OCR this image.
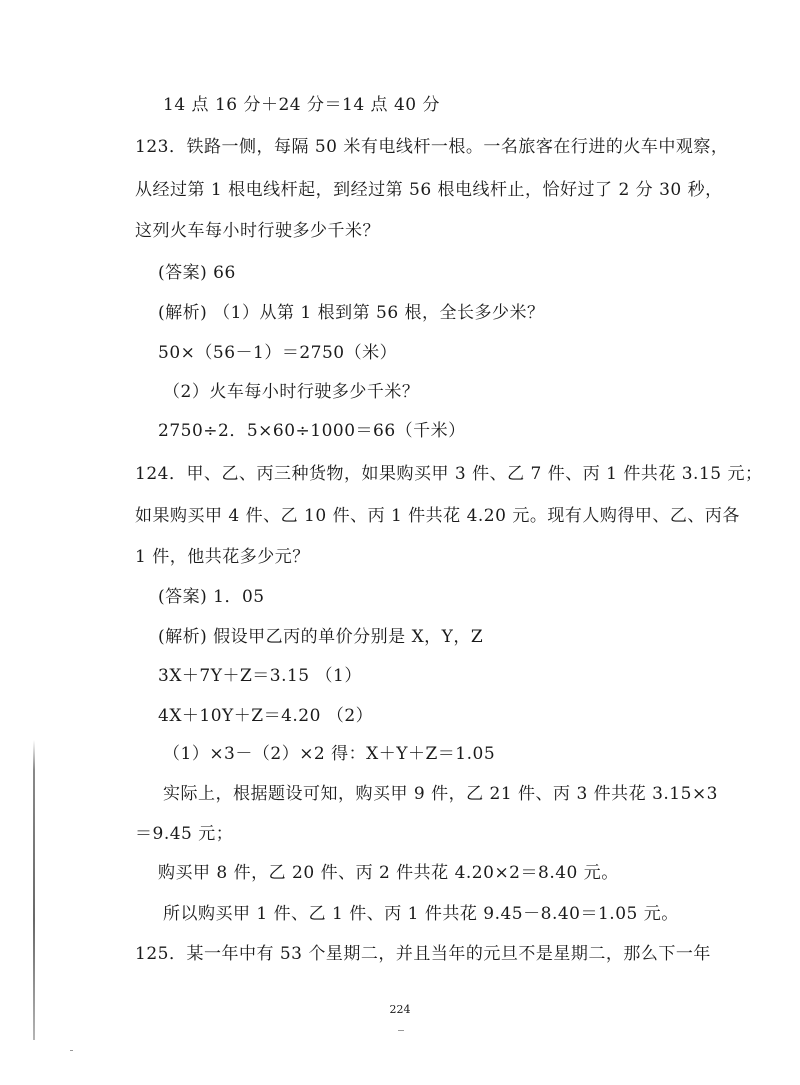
14 点 16 分＋24 分＝14 点 40 分
123．铁路一侧，每隔 50 米有电线杆一根。一名旅客在行进的火车中观察，
从经过第 1 根电线杆起，到经过第 56 根电线杆止，恰好过了 2 分 30 秒，
这列火车每小时行驶多少千米？
(答案) 66
(解析) （1）从第 1 根到第 56 根，全长多少米？
50×（56－1）＝2750（米）
（2）火车每小时行驶多少千米？
2750÷2．5×60÷1000＝66（千米）
124．甲、乙、丙三种货物，如果购买甲 3 件、乙 7 件、丙 1 件共花 3.15 元；
如果购买甲 4 件、乙 10 件、丙 1 件共花 4.20 元。现有人购得甲、乙、丙各
1 件，他共花多少元？
(答案) 1．05
(解析) 假设甲乙丙的单价分别是 X，Y，Z
3X＋7Y＋Z＝3.15 （1）
4X＋10Y＋Z＝4.20 （2）
（1）×3－（2）×2 得：X＋Y＋Z＝1.05
实际上，根据题设可知，购买甲 9 件，乙 21 件、丙 3 件共花 3.15×3
＝9.45 元；
购买甲 8 件，乙 20 件、丙 2 件共花 4.20×2＝8.40 元。
所以购买甲 1 件、乙 1 件、丙 1 件共花 9.45－8.40＝1.05 元。
125．某一年中有 53 个星期二，并且当年的元旦不是星期二，那么下一年
224
